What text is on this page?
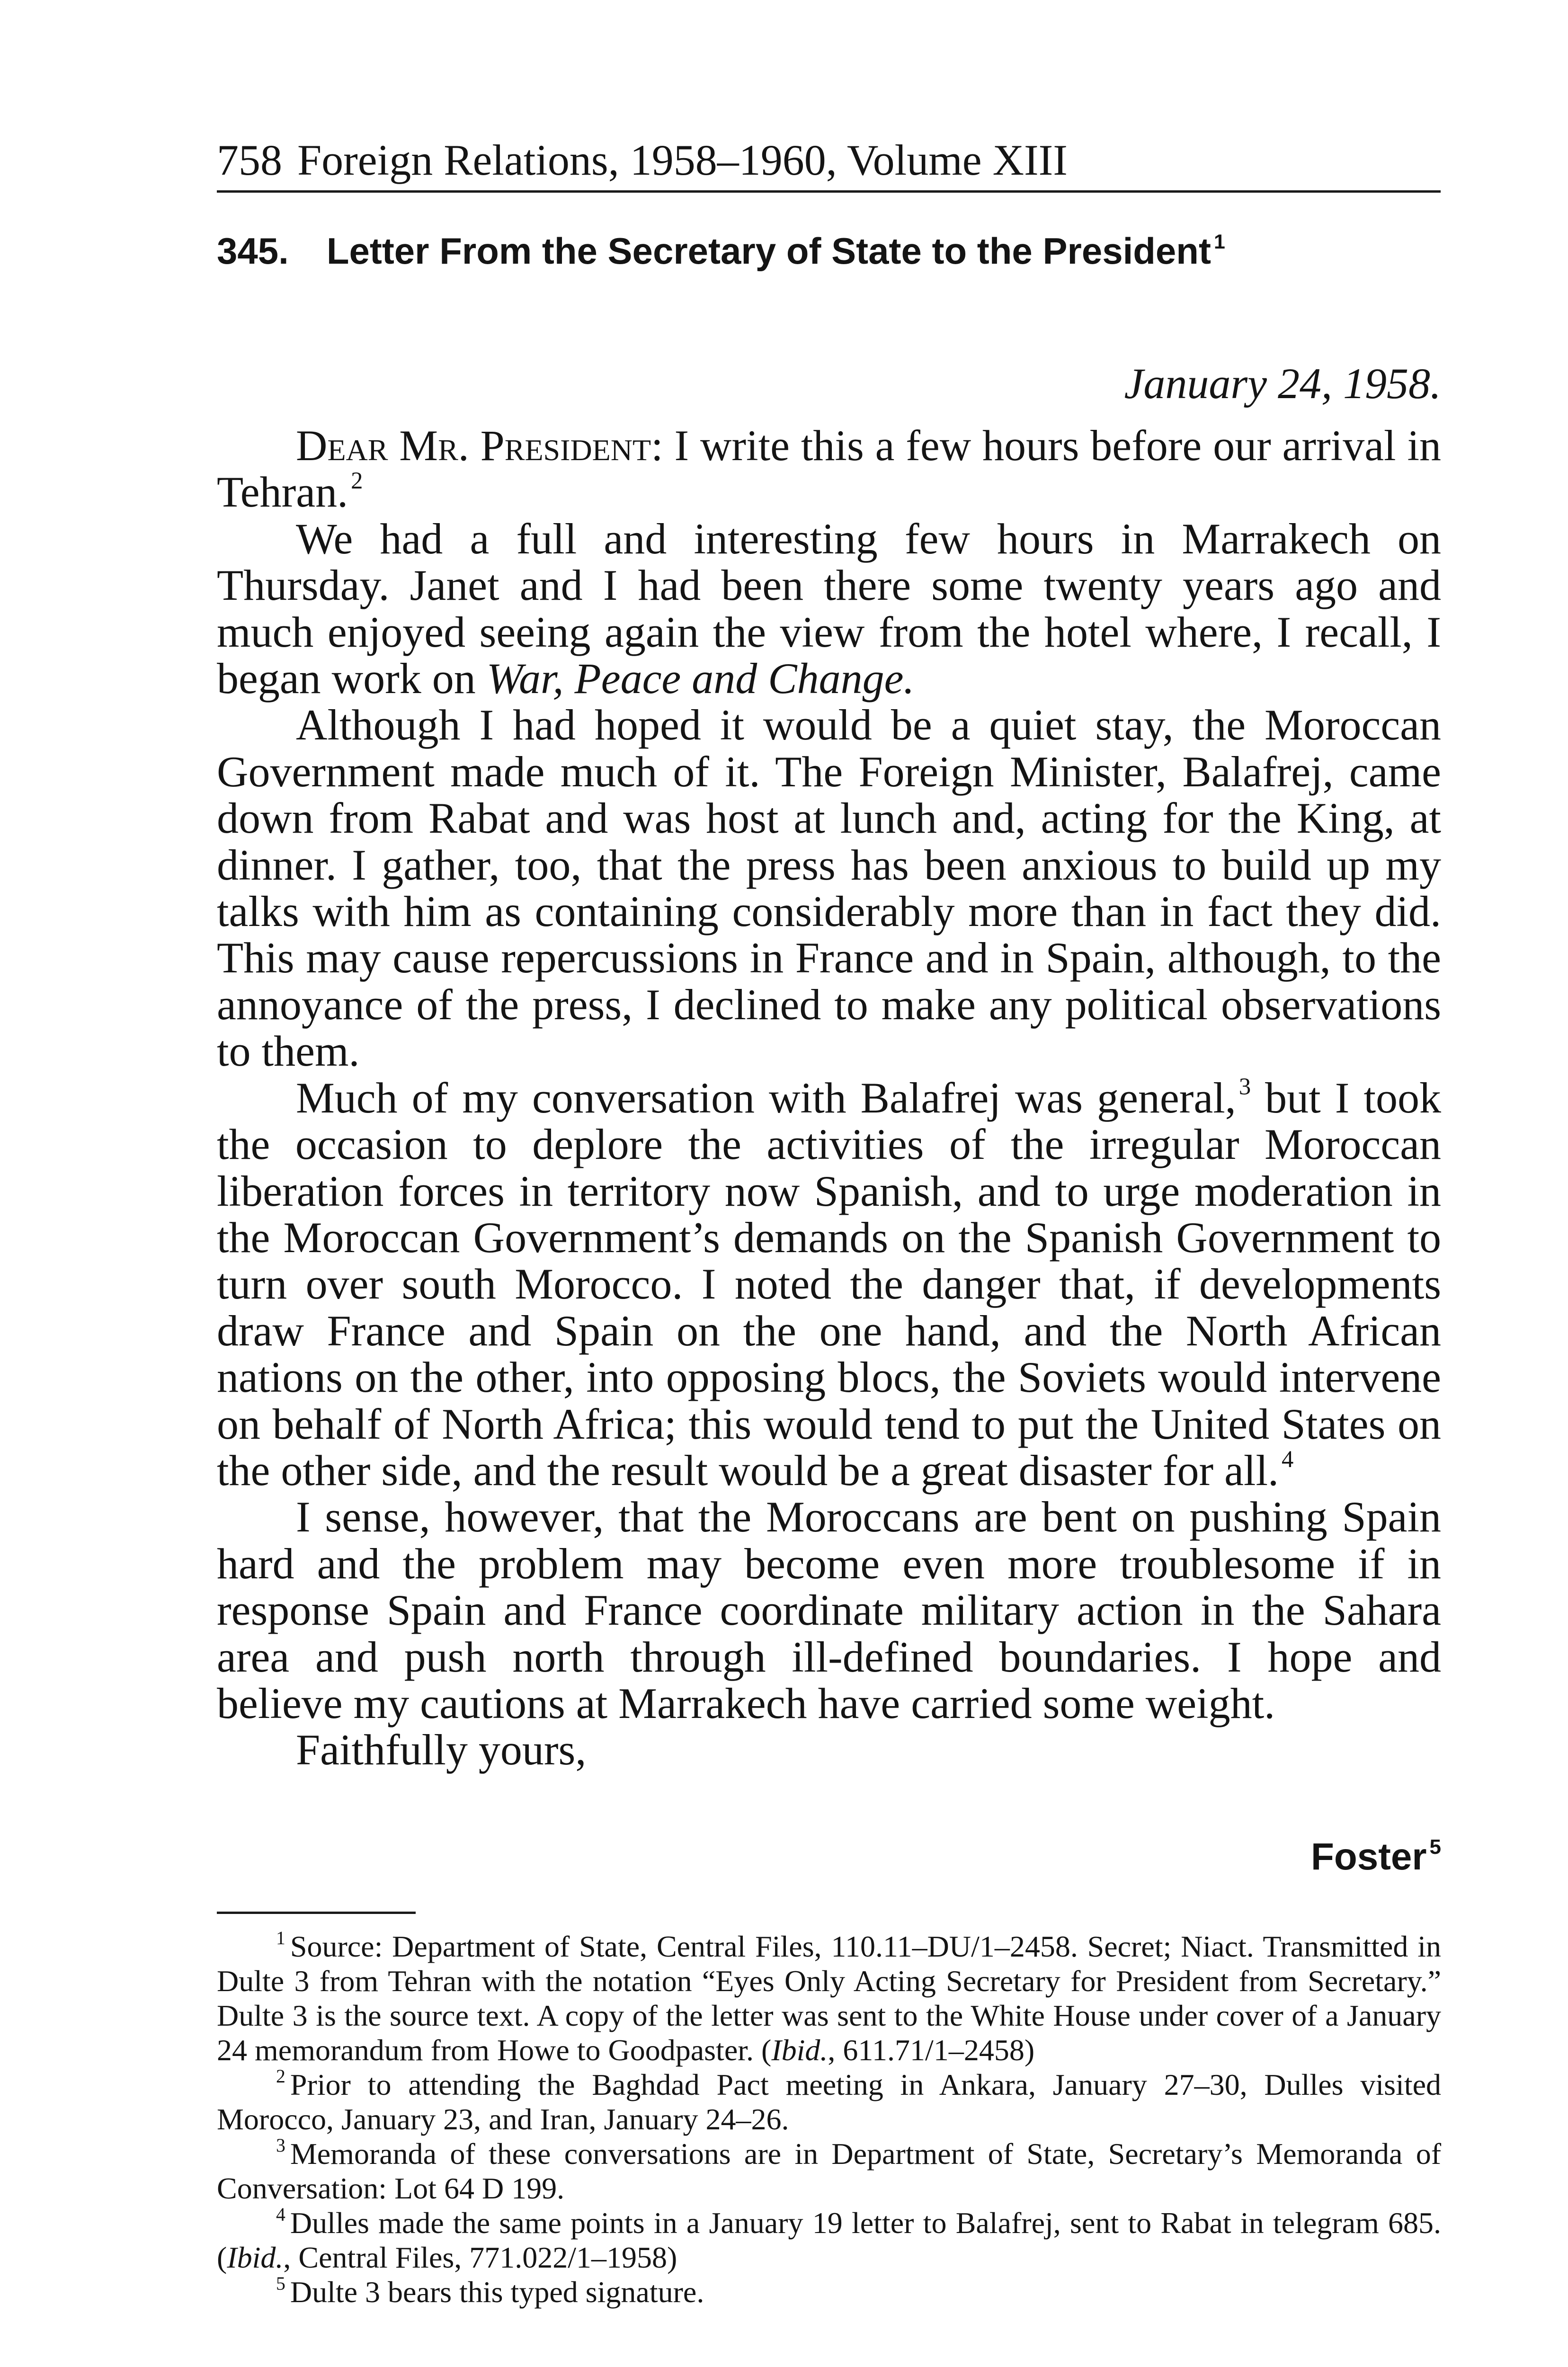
758 Foreign Relations, 1958–1960, Volume XIII
345. Letter From the Secretary of State to the President $^1$
January 24, 1958.

Dear Mr. President: I write this a few hours before our arrival in Tehran. $^2$

We had a full and interesting few hours in Marrakech on Thursday. Janet and I had been there some twenty years ago and much enjoyed seeing again the view from the hotel where, I recall, I began work on War, Peace and Change.

Although I had hoped it would be a quiet stay, the Moroccan Government made much of it. The Foreign Minister, Balafrej, came down from Rabat and was host at lunch and, acting for the King, at dinner. I gather, too, that the press has been anxious to build up my talks with him as containing considerably more than in fact they did. This may cause repercussions in France and in Spain, although, to the annoyance of the press, I declined to make any political observations to them.

Much of my conversation with Balafrej was general, $^3$ but I took the occasion to deplore the activities of the irregular Moroccan liberation forces in territory now Spanish, and to urge moderation in the Moroccan Government’s demands on the Spanish Government to turn over south Morocco. I noted the danger that, if developments draw France and Spain on the one hand, and the North African nations on the other, into opposing blocs, the Soviets would intervene on behalf of North Africa; this would tend to put the United States on the other side, and the result would be a great disaster for all. $^4$

I sense, however, that the Moroccans are bent on pushing Spain hard and the problem may become even more troublesome if in response Spain and France coordinate military action in the Sahara area and push north through ill-defined boundaries. I hope and believe my cautions at Marrakech have carried some weight.

Faithfully yours,
Foster $^5$

$^1$ Source: Department of State, Central Files, 110.11–DU/1–2458. Secret; Niact. Transmitted in Dulte 3 from Tehran with the notation “Eyes Only Acting Secretary for President from Secretary.” Dulte 3 is the source text. A copy of the letter was sent to the White House under cover of a January 24 memorandum from Howe to Goodpaster. (Ibid., 611.71/1–2458)

$^2$ Prior to attending the Baghdad Pact meeting in Ankara, January 27–30, Dulles visited Morocco, January 23, and Iran, January 24–26.

$^3$ Memoranda of these conversations are in Department of State, Secretary’s Memoranda of Conversation: Lot 64 D 199.

$^4$ Dulles made the same points in a January 19 letter to Balafrej, sent to Rabat in telegram 685. (Ibid., Central Files, 771.022/1–1958)

$^5$ Dulte 3 bears this typed signature.
